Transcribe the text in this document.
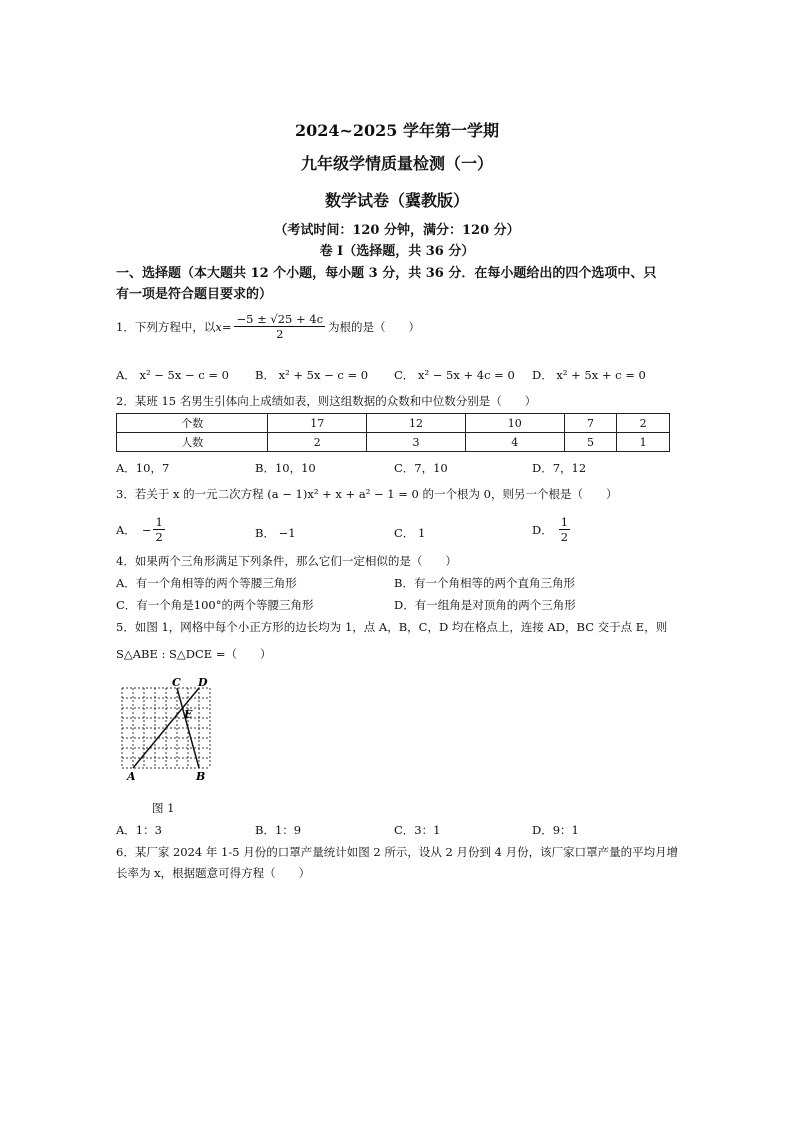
2024~2025 学年第一学期
九年级学情质量检测（一）
数学试卷（冀教版）
（考试时间：120 分钟，满分：120 分）
卷 I（选择题，共 36 分）
一、选择题（本大题共 12 个小题，每小题 3 分，共 36 分．在每小题给出的四个选项中、只
有一项是符合题目要求的）
1．下列方程中，以 $x = \frac{-5 \pm √25 + 4c}{2}$ 为根的是（　　）
A． x² − 5x − c = 0 B． x² + 5x − c = 0 C． x² − 5x + 4c = 0 D． x² + 5x + c = 0
2．某班 15 名男生引体向上成绩如表，则这组数据的众数和中位数分别是（　　）
个数	17	12	10	7	2
人数	2	3	4	5	1
A．10，7	B．10，10	C．7，10	D．7，12
3．若关于 x 的一元二次方程 (a − 1)x² + x + a² − 1 = 0 的一个根为 0，则另一个根是（　　）
A． − $\frac{1}{2}$	B． −1	C． 1	D． $\frac{1}{2}$
4．如果两个三角形满足下列条件，那么它们一定相似的是（　　）
A．有一个角相等的两个等腰三角形	B．有一个角相等的两个直角三角形
C．有一个角是100°的两个等腰三角形	D．有一组角是对顶角的两个三角形
5．如图 1，网格中每个小正方形的边长均为 1，点 A，B，C，D 均在格点上，连接 AD，BC 交于点 E，则
S△ABE : S△DCE =（　　）
C D
E
A	B
图 1
A．1：3	B．1：9	C．3：1	D．9：1
6．某厂家 2024 年 1-5 月份的口罩产量统计如图 2 所示，设从 2 月份到 4 月份，该厂家口罩产量的平均月增
长率为 x，根据题意可得方程（　　）
